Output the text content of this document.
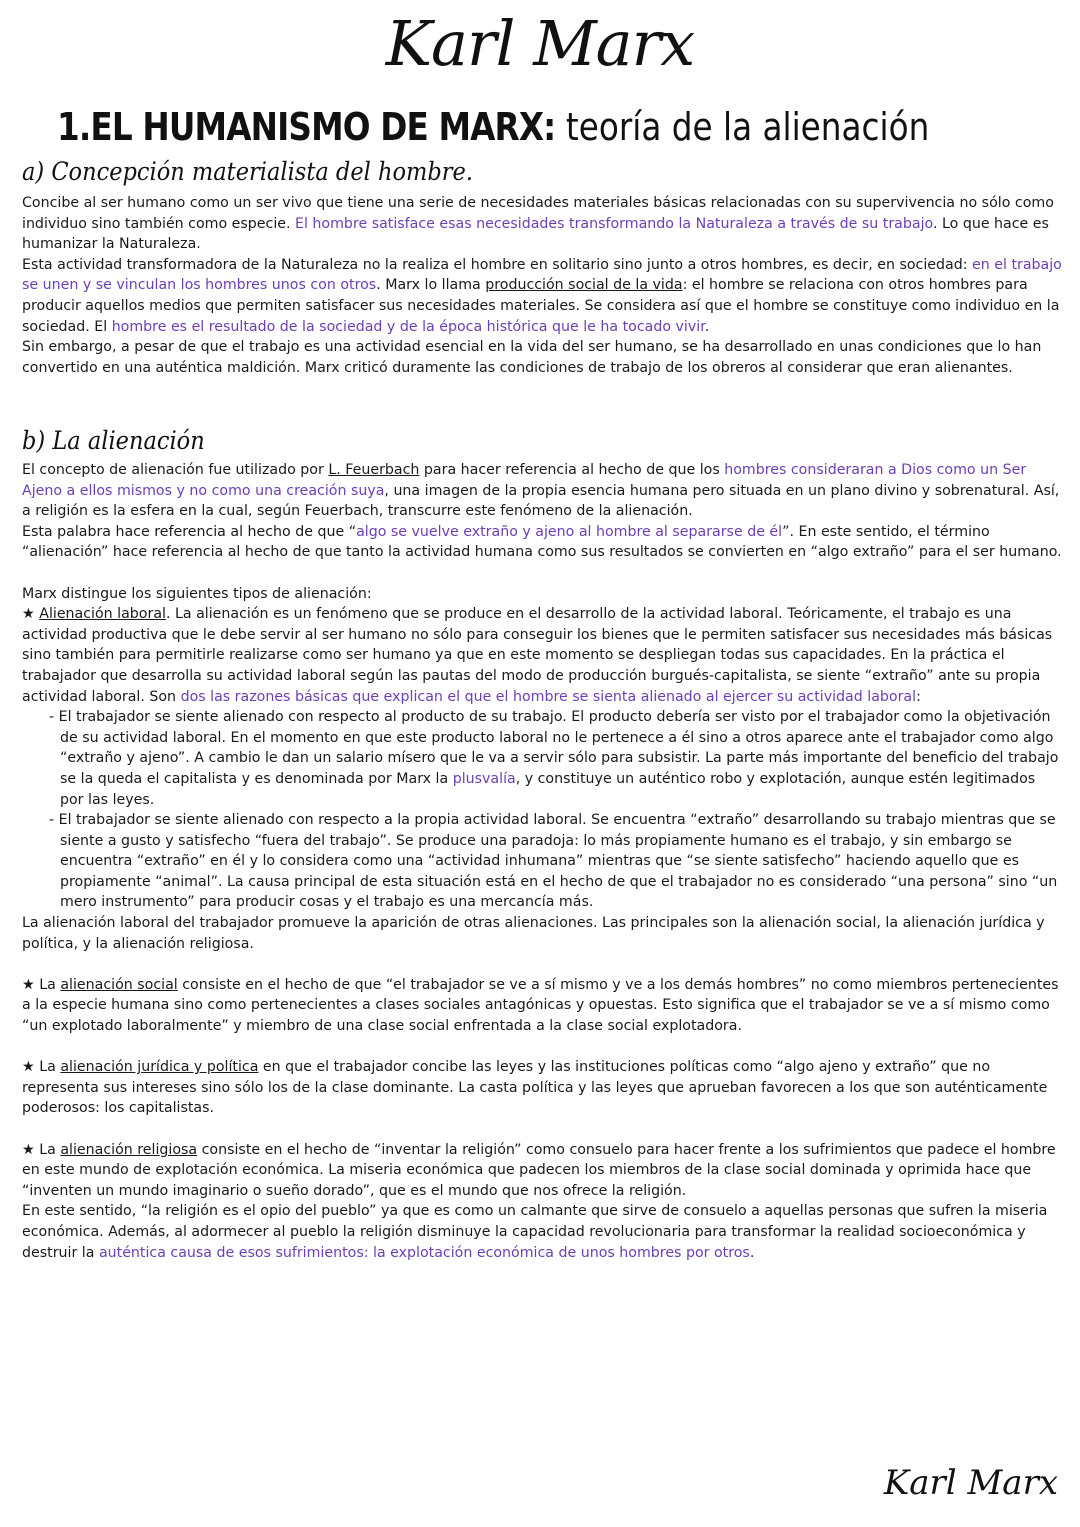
Karl Marx
1.EL HUMANISMO DE MARX: teoría de la alienación
a) Concepción materialista del hombre.

Concibe al ser humano como un ser vivo que tiene una serie de necesidades materiales básicas relacionadas con su supervivencia no sólo como individuo sino también como especie. El hombre satisface esas necesidades transformando la Naturaleza a través de su trabajo. Lo que hace es humanizar la Naturaleza.

Esta actividad transformadora de la Naturaleza no la realiza el hombre en solitario sino junto a otros hombres, es decir, en sociedad: en el trabajo se unen y se vinculan los hombres unos con otros. Marx lo llama producción social de la vida: el hombre se relaciona con otros hombres para producir aquellos medios que permiten satisfacer sus necesidades materiales. Se considera así que el hombre se constituye como individuo en la sociedad. El hombre es el resultado de la sociedad y de la época histórica que le ha tocado vivir.

Sin embargo, a pesar de que el trabajo es una actividad esencial en la vida del ser humano, se ha desarrollado en unas condiciones que lo han convertido en una auténtica maldición. Marx criticó duramente las condiciones de trabajo de los obreros al considerar que eran alienantes.

b) La alienación

El concepto de alienación fue utilizado por L. Feuerbach para hacer referencia al hecho de que los hombres consideraran a Dios como un Ser Ajeno a ellos mismos y no como una creación suya, una imagen de la propia esencia humana pero situada en un plano divino y sobrenatural. Así, a religión es la esfera en la cual, según Feuerbach, transcurre este fenómeno de la alienación.

Esta palabra hace referencia al hecho de que “algo se vuelve extraño y ajeno al hombre al separarse de él”. En este sentido, el término “alienación” hace referencia al hecho de que tanto la actividad humana como sus resultados se convierten en “algo extraño” para el ser humano.

Marx distingue los siguientes tipos de alienación:

★ Alienación laboral. La alienación es un fenómeno que se produce en el desarrollo de la actividad laboral. Teóricamente, el trabajo es una actividad productiva que le debe servir al ser humano no sólo para conseguir los bienes que le permiten satisfacer sus necesidades más básicas sino también para permitirle realizarse como ser humano ya que en este momento se despliegan todas sus capacidades. En la práctica el trabajador que desarrolla su actividad laboral según las pautas del modo de producción burgués-capitalista, se siente “extraño” ante su propia actividad laboral. Son dos las razones básicas que explican el que el hombre se sienta alienado al ejercer su actividad laboral:

- El trabajador se siente alienado con respecto al producto de su trabajo. El producto debería ser visto por el trabajador como la objetivación de su actividad laboral. En el momento en que este producto laboral no le pertenece a él sino a otros aparece ante el trabajador como algo “extraño y ajeno”. A cambio le dan un salario mísero que le va a servir sólo para subsistir. La parte más importante del beneficio del trabajo se la queda el capitalista y es denominada por Marx la plusvalía, y constituye un auténtico robo y explotación, aunque estén legitimados por las leyes.

- El trabajador se siente alienado con respecto a la propia actividad laboral. Se encuentra “extraño” desarrollando su trabajo mientras que se siente a gusto y satisfecho “fuera del trabajo”. Se produce una paradoja: lo más propiamente humano es el trabajo, y sin embargo se encuentra “extraño” en él y lo considera como una “actividad inhumana” mientras que “se siente satisfecho” haciendo aquello que es propiamente “animal”. La causa principal de esta situación está en el hecho de que el trabajador no es considerado “una persona” sino “un mero instrumento” para producir cosas y el trabajo es una mercancía más.

La alienación laboral del trabajador promueve la aparición de otras alienaciones. Las principales son la alienación social, la alienación jurídica y política, y la alienación religiosa.

★ La alienación social consiste en el hecho de que “el trabajador se ve a sí mismo y ve a los demás hombres” no como miembros pertenecientes a la especie humana sino como pertenecientes a clases sociales antagónicas y opuestas. Esto significa que el trabajador se ve a sí mismo como “un explotado laboralmente” y miembro de una clase social enfrentada a la clase social explotadora.

★ La alienación jurídica y política en que el trabajador concibe las leyes y las instituciones políticas como “algo ajeno y extraño” que no representa sus intereses sino sólo los de la clase dominante. La casta política y las leyes que aprueban favorecen a los que son auténticamente poderosos: los capitalistas.

★ La alienación religiosa consiste en el hecho de “inventar la religión” como consuelo para hacer frente a los sufrimientos que padece el hombre en este mundo de explotación económica. La miseria económica que padecen los miembros de la clase social dominada y oprimida hace que “inventen un mundo imaginario o sueño dorado”, que es el mundo que nos ofrece la religión.

En este sentido, “la religión es el opio del pueblo” ya que es como un calmante que sirve de consuelo a aquellas personas que sufren la miseria económica. Además, al adormecer al pueblo la religión disminuye la capacidad revolucionaria para transformar la realidad socioeconómica y destruir la auténtica causa de esos sufrimientos: la explotación económica de unos hombres por otros.

Karl Marx
